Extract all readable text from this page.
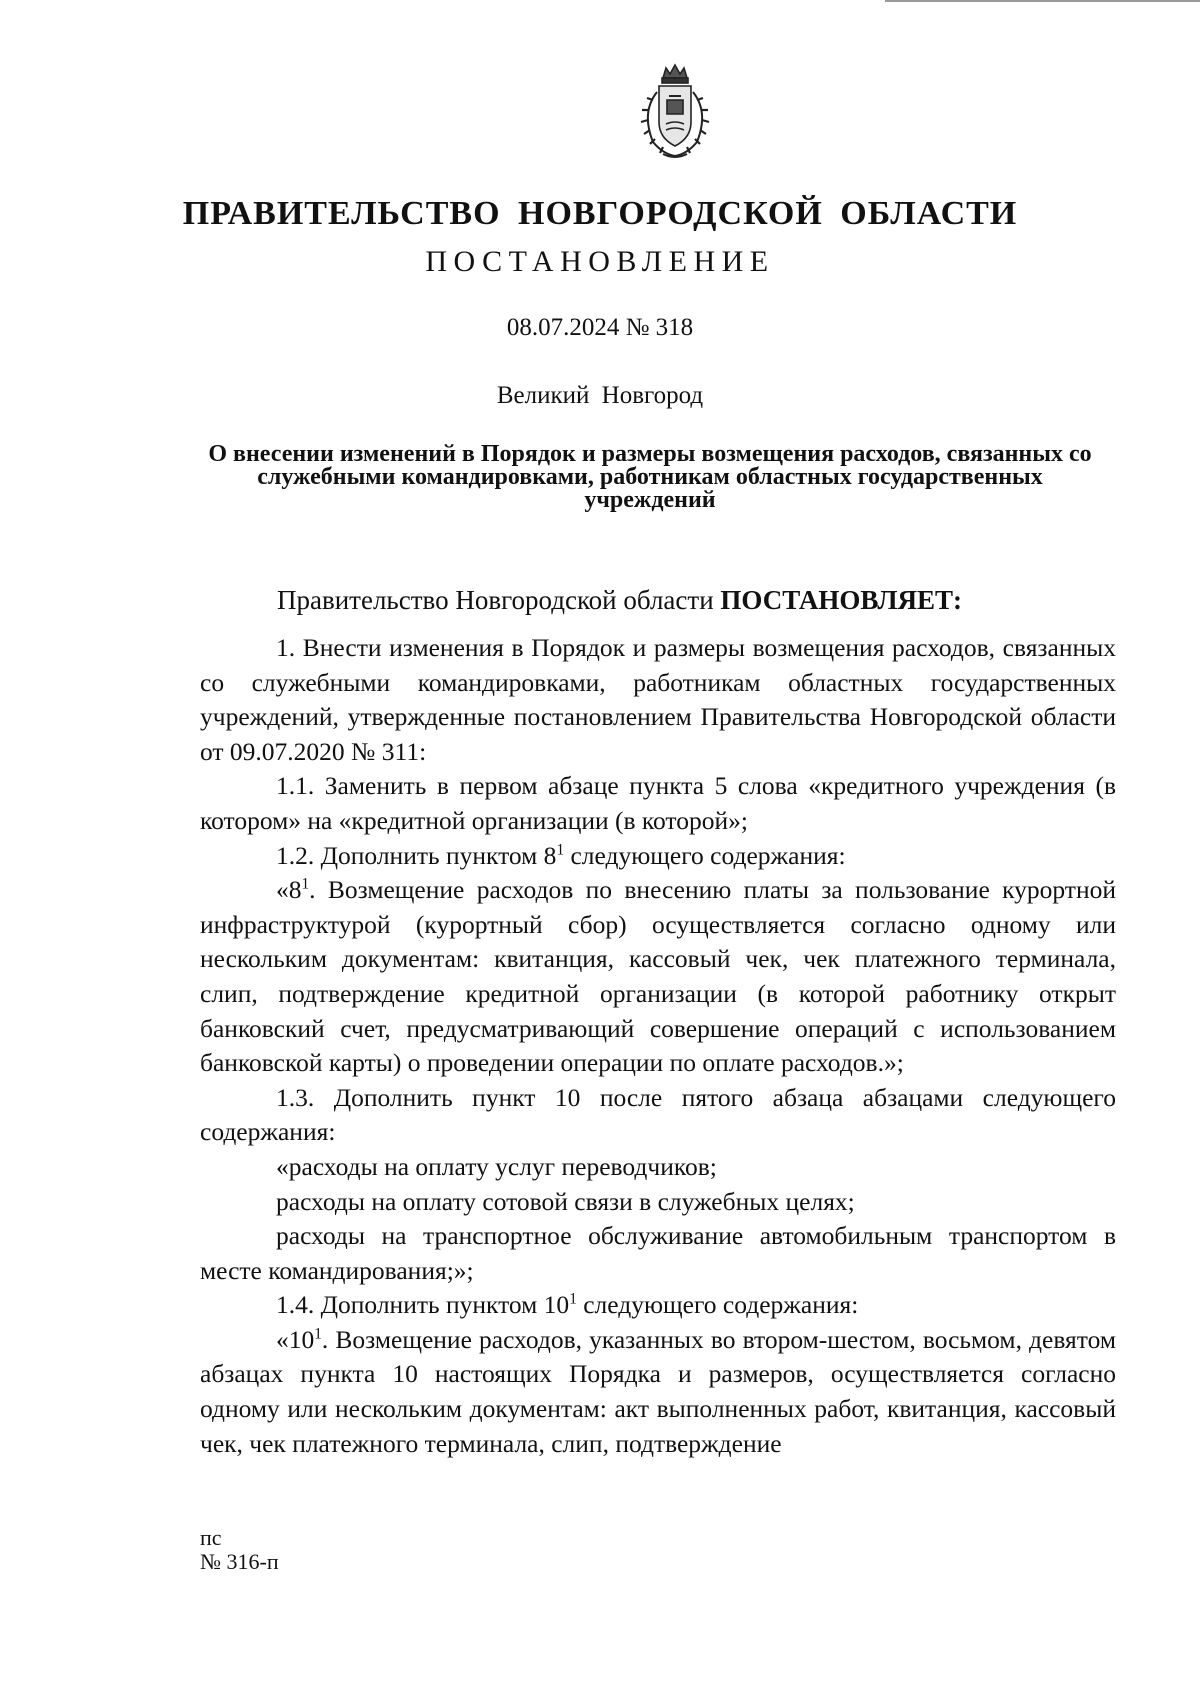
ПРАВИТЕЛЬСТВО НОВГОРОДСКОЙ ОБЛАСТИ
ПОСТАНОВЛЕНИЕ
08.07.2024 № 318
Великий Новгород
О внесении изменений в Порядок и размеры возмещения расходов, связанных со служебными командировками, работникам областных государственных учреждений
Правительство Новгородской области ПОСТАНОВЛЯЕТ:

1. Внести изменения в Порядок и размеры возмещения расходов, связанных со служебными командировками, работникам областных государственных учреждений, утвержденные постановлением Правительства Новгородской области от 09.07.2020 № 311:

1.1. Заменить в первом абзаце пункта 5 слова «кредитного учреждения (в котором» на «кредитной организации (в которой»;

1.2. Дополнить пунктом $8^1$ следующего содержания:

«$8^1$. Возмещение расходов по внесению платы за пользование курортной инфраструктурой (курортный сбор) осуществляется согласно одному или нескольким документам: квитанция, кассовый чек, чек платежного терминала, слип, подтверждение кредитной организации (в которой работнику открыт банковский счет, предусматривающий совершение операций с использованием банковской карты) о проведении операции по оплате расходов.»;

1.3. Дополнить пункт 10 после пятого абзаца абзацами следующего содержания:

«расходы на оплату услуг переводчиков;

расходы на оплату сотовой связи в служебных целях;

расходы на транспортное обслуживание автомобильным транспортом в месте командирования;»;

1.4. Дополнить пунктом $10^1$ следующего содержания:

«$10^1$. Возмещение расходов, указанных во втором-шестом, восьмом, девятом абзацах пункта 10 настоящих Порядка и размеров, осуществляется согласно одному или нескольким документам: акт выполненных работ, квитанция, кассовый чек, чек платежного терминала, слип, подтверждение

пс
№ 316-п
